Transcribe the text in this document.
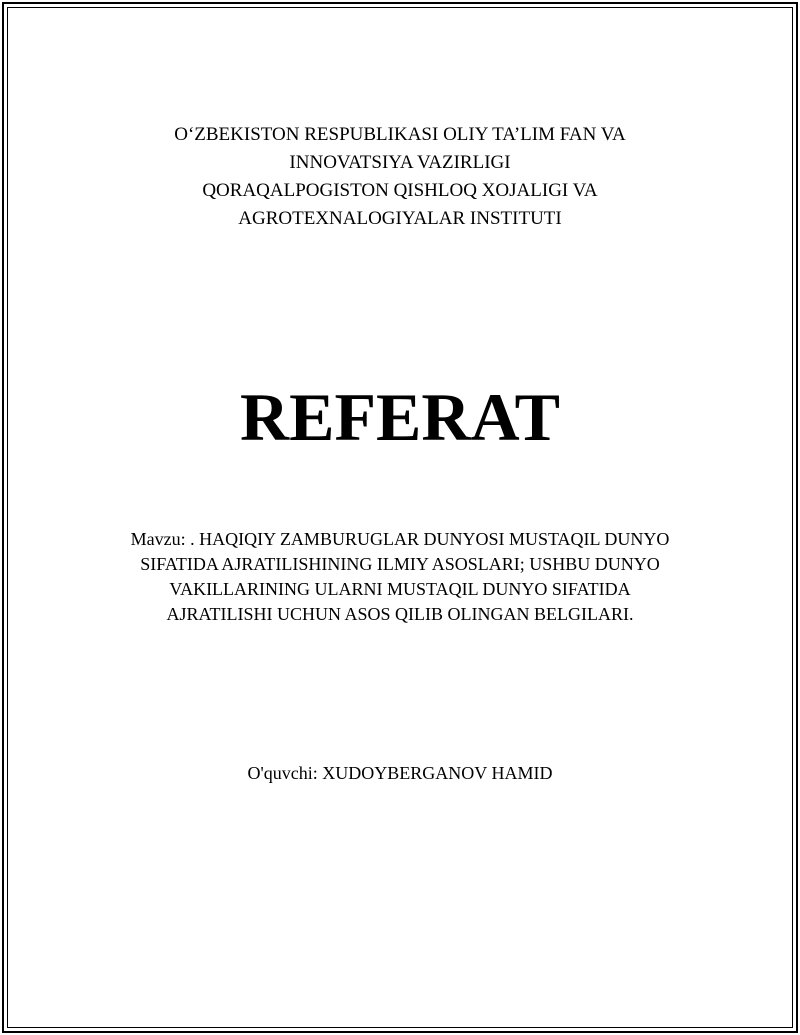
O‘ZBEKISTON RESPUBLIKASI OLIY TA’LIM FAN VA
INNOVATSIYA VAZIRLIGI
QORAQALPOGISTON QISHLOQ XOJALIGI VA
AGROTEXNALOGIYALAR INSTITUTI
REFERAT
Mavzu: . HAQIQIY ZAMBURUGLAR DUNYOSI MUSTAQIL DUNYO
SIFATIDA AJRATILISHINING ILMIY ASOSLARI; USHBU DUNYO
VAKILLARINING ULARNI MUSTAQIL DUNYO SIFATIDA
AJRATILISHI UCHUN ASOS QILIB OLINGAN BELGILARI.
O'quvchi: XUDOYBERGANOV HAMID
